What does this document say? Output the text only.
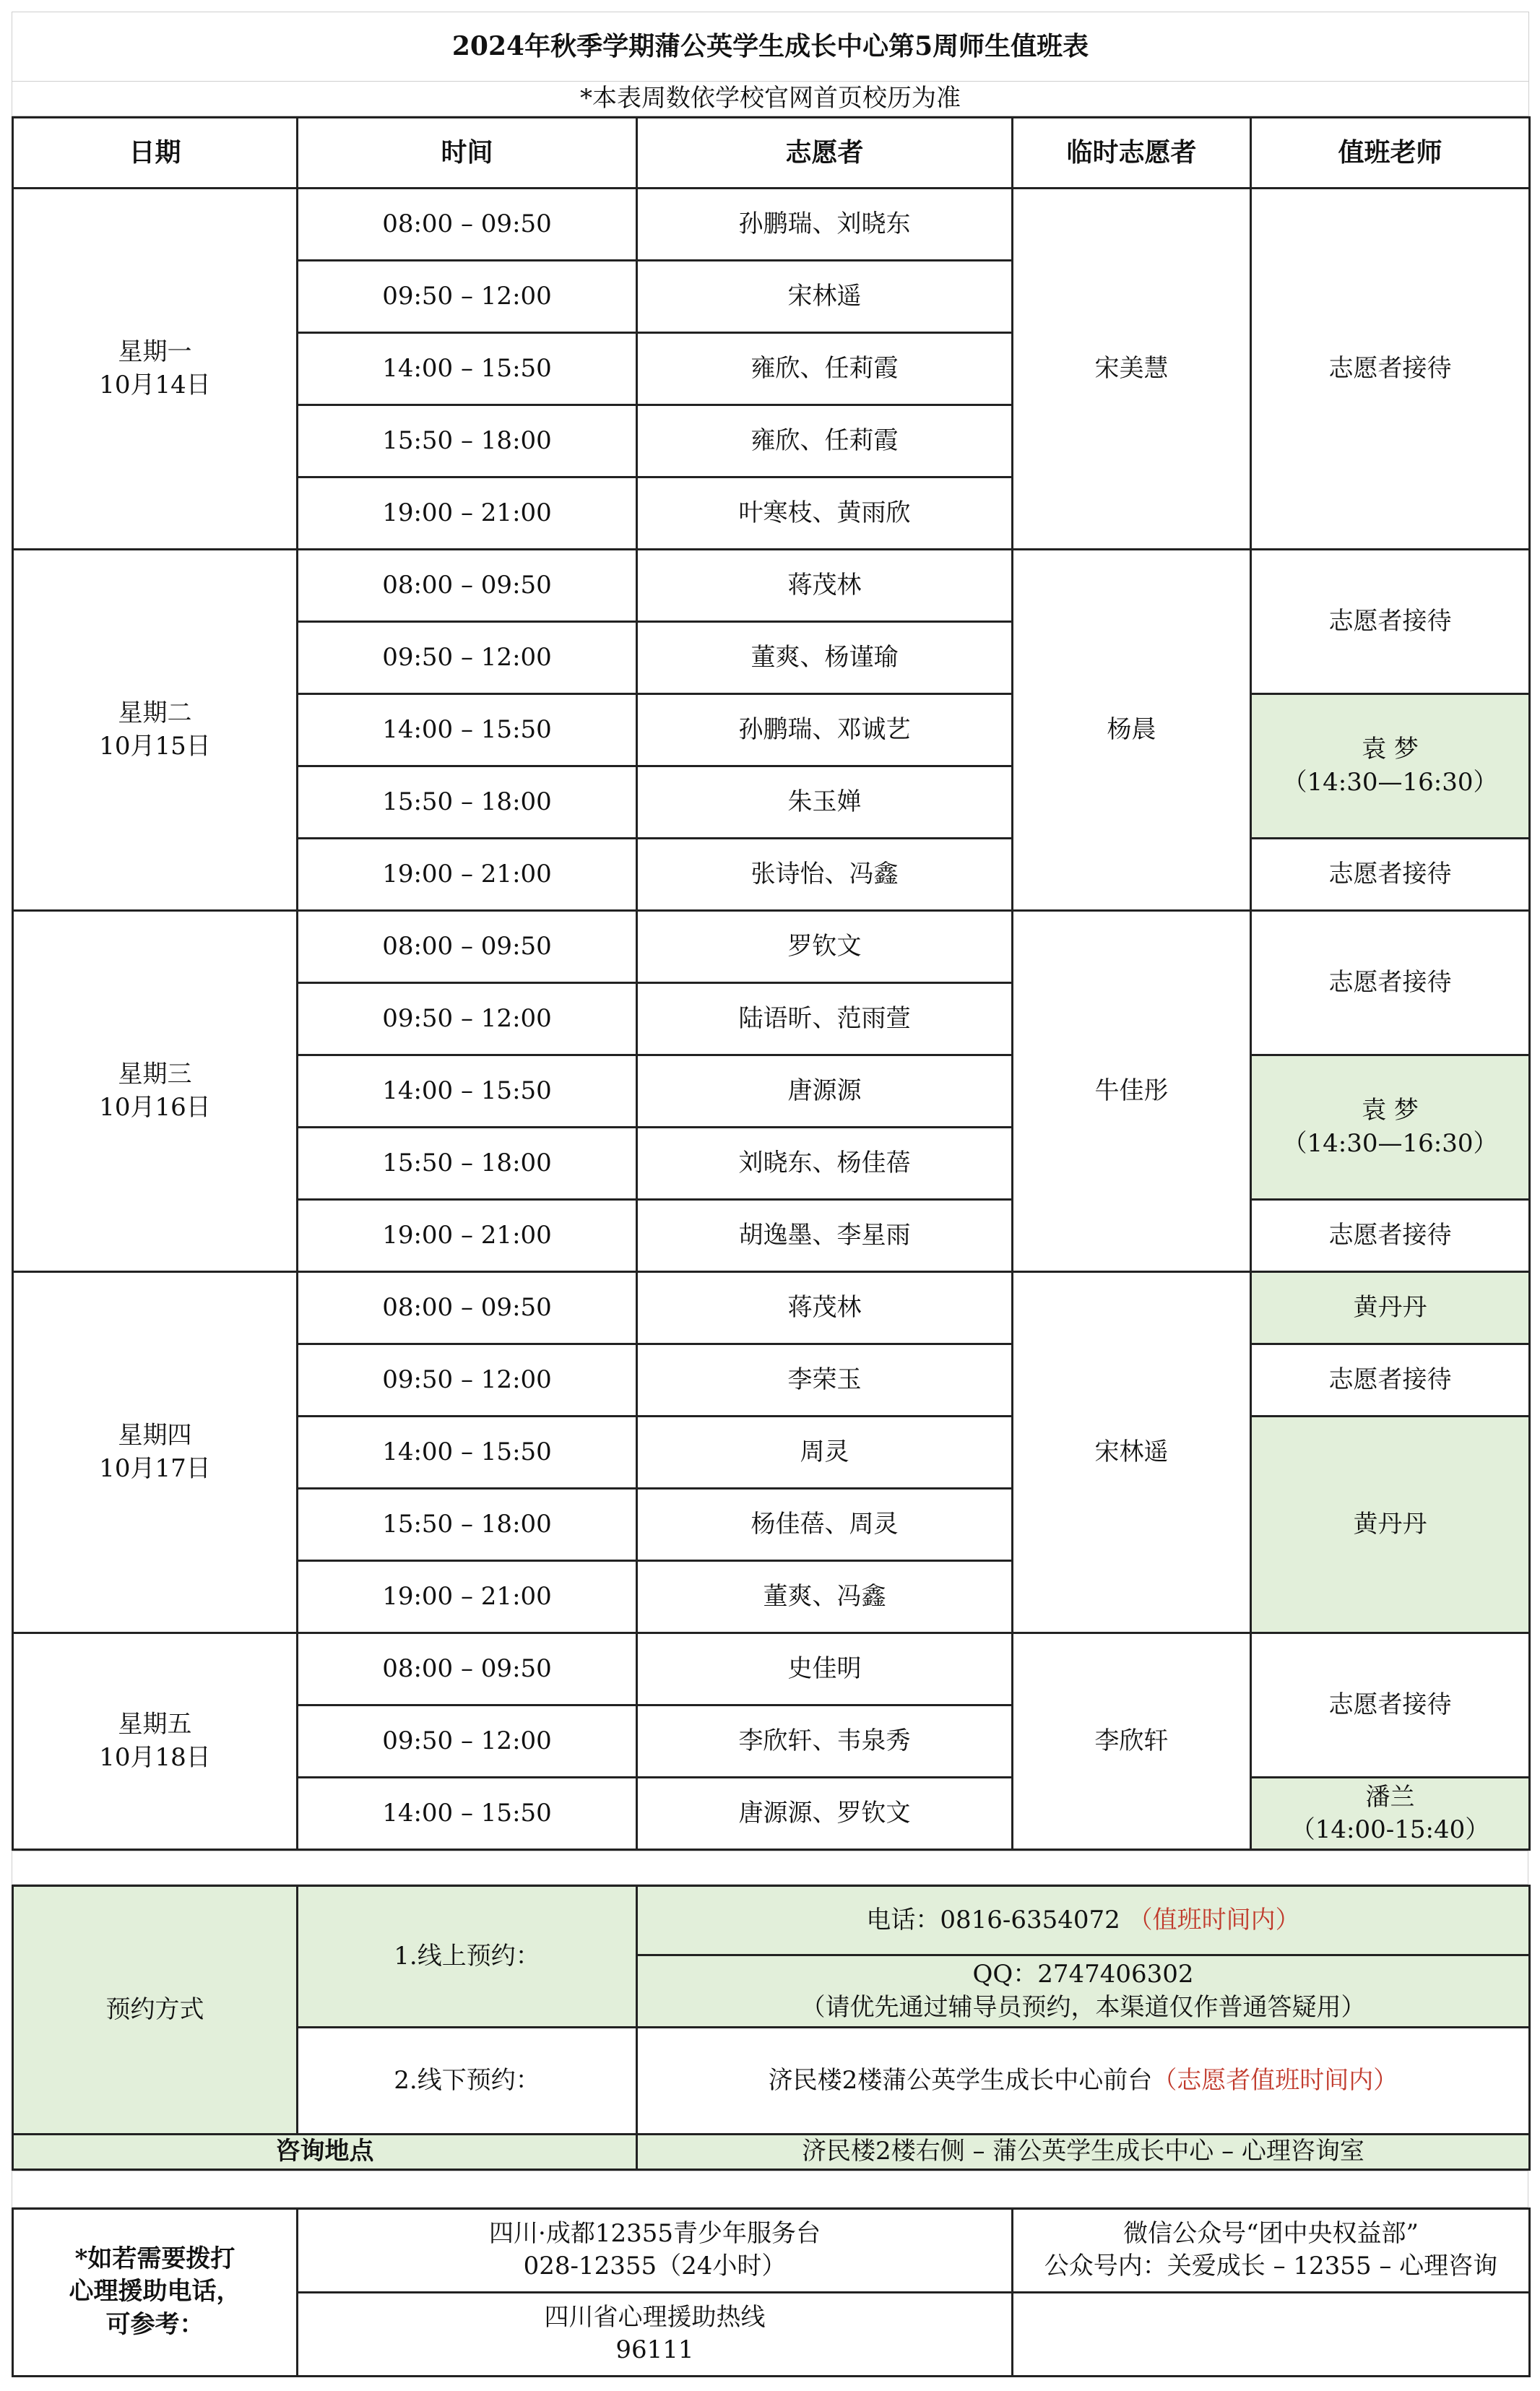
2024年秋季学期蒲公英学生成长中心第5周师生值班表
*本表周数依学校官网首页校历为准
日期	时间	志愿者	临时志愿者	值班老师

星期一
10月14日	08:00 – 09:50	孙鹏瑞、刘晓东	宋美慧	志愿者接待
	09:50 – 12:00	宋林遥		
	14:00 – 15:50	雍欣、任莉霞		
	15:50 – 18:00	雍欣、任莉霞		
	19:00 – 21:00	叶寒枝、黄雨欣		

星期二
10月15日	08:00 – 09:50	蒋茂林	杨晨	志愿者接待
	09:50 – 12:00	董爽、杨谨瑜		
	14:00 – 15:50	孙鹏瑞、邓诚艺		袁 梦
（14:30—16:30）

	15:50 – 18:00	朱玉婵		
	19:00 – 21:00	张诗怡、冯鑫		志愿者接待

星期三
10月16日	08:00 – 09:50	罗钦文	牛佳彤	志愿者接待
	09:50 – 12:00	陆语昕、范雨萱		
	14:00 – 15:50	唐源源		袁 梦
（14:30—16:30）

	15:50 – 18:00	刘晓东、杨佳蓓		
	19:00 – 21:00	胡逸墨、李星雨		志愿者接待

星期四
10月17日	08:00 – 09:50	蒋茂林	宋林遥	黄丹丹
	09:50 – 12:00	李荣玉		志愿者接待
	14:00 – 15:50	周灵		黄丹丹
	15:50 – 18:00	杨佳蓓、周灵		
	19:00 – 21:00	董爽、冯鑫		

星期五
10月18日	08:00 – 09:50	史佳明	李欣轩	志愿者接待
	09:50 – 12:00	李欣轩、韦泉秀		
	14:00 – 15:50	唐源源、罗钦文		潘兰
（14:00-15:40）
预约方式	1.线上预约：	电话：0816-6354072 （值班时间内）

		QQ：2747406302
（请优先通过辅导员预约，本渠道仅作普通答疑用）

	2.线下预约：	济民楼2楼蒲公英学生成长中心前台（志愿者值班时间内）
咨询地点		济民楼2楼右侧 – 蒲公英学生成长中心 – 心理咨询室
*如若需要拨打
心理援助电话，
可参考：	四川·成都12355青少年服务台
028-12355（24小时）	微信公众号“团中央权益部”
公众号内：关爱成长 – 12355 – 心理咨询

	四川省心理援助热线
96111	
